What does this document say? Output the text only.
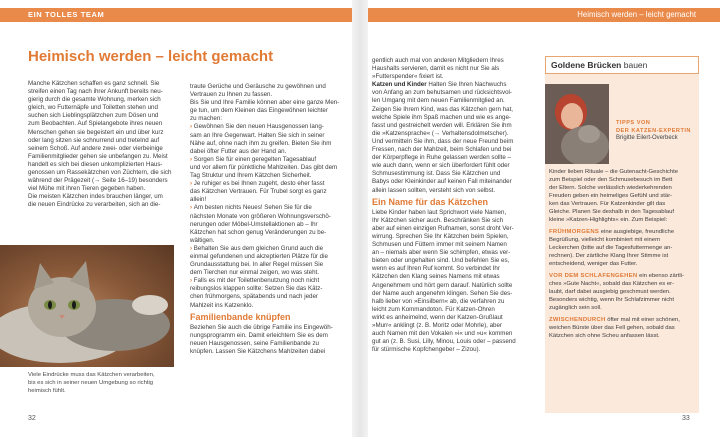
EIN TOLLES TEAM	Heimisch werden – leicht gemacht
Heimisch werden – leicht gemacht
Manche Kätzchen schaffen es ganz schnell. Sie
streifen einen Tag nach ihrer Ankunft bereits neu-
gierig durch die gesamte Wohnung, merken sich
gleich, wo Futternäpfe und Toiletten stehen und
suchen sich Lieblingsplätzchen zum Dösen und
zum Beobachten. Auf Spielangebote ihres neuen
Menschen gehen sie begeistert ein und über kurz
oder lang sitzen sie schnurrend und treteInd auf
seinem Schoß. Auf andere zwei- oder vierbeinige
Familienmitglieder gehen sie unbefangen zu. Meist
handelt es sich bei diesen unkomplizierten Haus-
genossen um Rassekätzchen von Züchtern, die sich
während der Prägezeit (→ Seite 16–19) besonders
viel Mühe mit ihren Tieren gegeben haben.
Die meisten Kätzchen indes brauchen länger, um
die neuen Eindrücke zu verarbeiten, sich an die-
Viele Eindrücke muss das Kätzchen verarbeiten,
bis es sich in seiner neuen Umgebung so richtig
heimisch fühlt.
traute Gerüche und Geräusche zu gewöhnen und
Vertrauen zu Ihnen zu fassen.
Bis Sie und Ihre Familie können aber eine ganze Men-
ge tun, um dem Kleinen das Eingewöhnen leichter
zu machen:
› Gewöhnen Sie den neuen Hausgenossen lang-
sam an Ihre Gegenwart. Halten Sie sich in seiner
Nähe auf, ohne nach ihm zu greifen. Bieten Sie ihm
dabei öfter Futter aus der Hand an.
› Sorgen Sie für einen geregelten Tagesablauf
und vor allem für pünktliche Mahlzeiten. Das gibt dem
Tag Struktur und Ihrem Kätzchen Sicherheit.
› Je ruhiger es bei Ihnen zugeht, desto eher fasst
das Kätzchen Vertrauen. Für Trubel sorgt es ganz
allein!
› Am besten nichts Neues! Sehen Sie für die
nächsten Monate von größeren Wohnungsverschö-
nerungen oder Möbel-Umstellaktionen ab – Ihr
Kätzchen hat schon genug Veränderungen zu be-
wältigen.
› Behalten Sie aus dem gleichen Grund auch die
einmal gefundenen und akzeptierten Plätze für die
Grundausstattung bei. In aller Regel müssen Sie
dem Tierchen nur einmal zeigen, wo was steht.
› Falls es mit der Toilettenbenutzung noch nicht
reibungslos klappen sollte: Setzen Sie das Kätz-
chen frühmorgens, spätabends und nach jeder
Mahlzeit ins Katzenklo.
Familienbande knüpfen
Beziehen Sie auch die übrige Familie ins Eingewöh-
nungsprogramm ein. Damit erleichtern Sie es dem
neuen Hausgenossen, seine Familienbande zu
knüpfen. Lassen Sie Kätzchens Mahlzeiten dabei
gentlich auch mal von anderen Mitgliedern Ihres
Haushalts servieren, damit es nicht nur Sie als
»Futterspender« fixiert ist.
Katzen und Kinder Halten Sie Ihren Nachwuchs
von Anfang an zum behutsamen und rücksichtsvol-
len Umgang mit dem neuen Familienmitglied an.
Zeigen Sie Ihrem Kind, was das Kätzchen gern hat,
welche Spiele ihm Spaß machen und wie es ange-
fasst und gestreichelt werden will. Erklären Sie ihm
die »Katzensprache« (→ Verhaltensdolmetscher).
Und vermitteln Sie ihm, dass der neue Freund beim
Fressen, nach der Mahlzeit, beim Schlafen und bei
der Körperpflege in Ruhe gelassen werden sollte –
wie auch dann, wenn er sich überfordert fühlt oder
Schmusestimmung ist. Dass Sie Kätzchen und
Babys oder Kleinkinder auf keinen Fall miteinander
allein lassen sollten, versteht sich von selbst.
Ein Name für das Kätzchen
Liebe Kinder haben laut Sprichwort viele Namen,
Ihr Kätzchen sicher auch. Beschränken Sie sich
aber auf einen einzigen Rufnamen, sonst droht Ver-
wirrung. Sprechen Sie Ihr Kätzchen beim Spielen,
Schmusen und Füttern immer mit seinem Namen
an – niemals aber wenn Sie schimpfen, etwas ver-
bieten oder ungehalten sind. Und befehlen Sie es,
wenn es auf Ihren Ruf kommt. So verbindet Ihr
Kätzchen den Klang seines Namens mit etwas
Angenehmem und hört gern darauf. Natürlich sollte
der Name auch angenehm klingen. Sehen Sie des-
halb lieber von »Einsilbern« ab, die verfahren zu
leicht zum Kommandoton. Für Katzen-Ohren
wirkt es anheimelnd, wenn der Katzen-Grußlaut
»Murr« anklingt (z. B. Moritz oder Mohrle), aber
auch Namen mit den Vokalen »i« und »u« kommen
gut an (z. B. Susi, Lilly, Minou, Louis oder – passend
für stürmische Kopfchengeber – Zizou).
Goldene Brücken bauen
TIPPS VON
DER KATZEN-EXPERTIN
Brigitte Eilert-Overbeck
Kinder lieben Rituale – die Gutenacht-Geschichte
zum Beispiel oder den Schmusebesuch im Bett
der Eltern. Solche verlässlich wiederkehrenden
Freuden geben ein heimeliges Gefühl und stär-
ken das Vertrauen. Für Katzenkinder gilt das
Gleiche. Planen Sie deshalb in den Tagesablauf
kleine »Katzen-Highlights« ein. Zum Beispiel:
FRÜHMORGENS eine ausgiebige, freundliche
Begrüßung, vielleicht kombiniert mit einem
Leckerchen (bitte auf die Tagesfuttermenge an-
rechnen). Der zärtliche Klang Ihrer Stimme ist
entscheidend, weniger das Futter.
VOR DEM SCHLAFENGEHEN ein ebenso zärtli-
ches »Gute Nacht«, sobald das Kätzchen es er-
laubt, darf dabei ausgiebig geschmust werden.
Besonders wichtig, wenn Ihr Schlafzimmer nicht
zugänglich sein soll.
ZWISCHENDURCH öfter mal mit einer schönen,
weichen Bürste über das Fell gehen, sobald das
Kätzchen sich ohne Scheu anfassen lässt.
32	33
